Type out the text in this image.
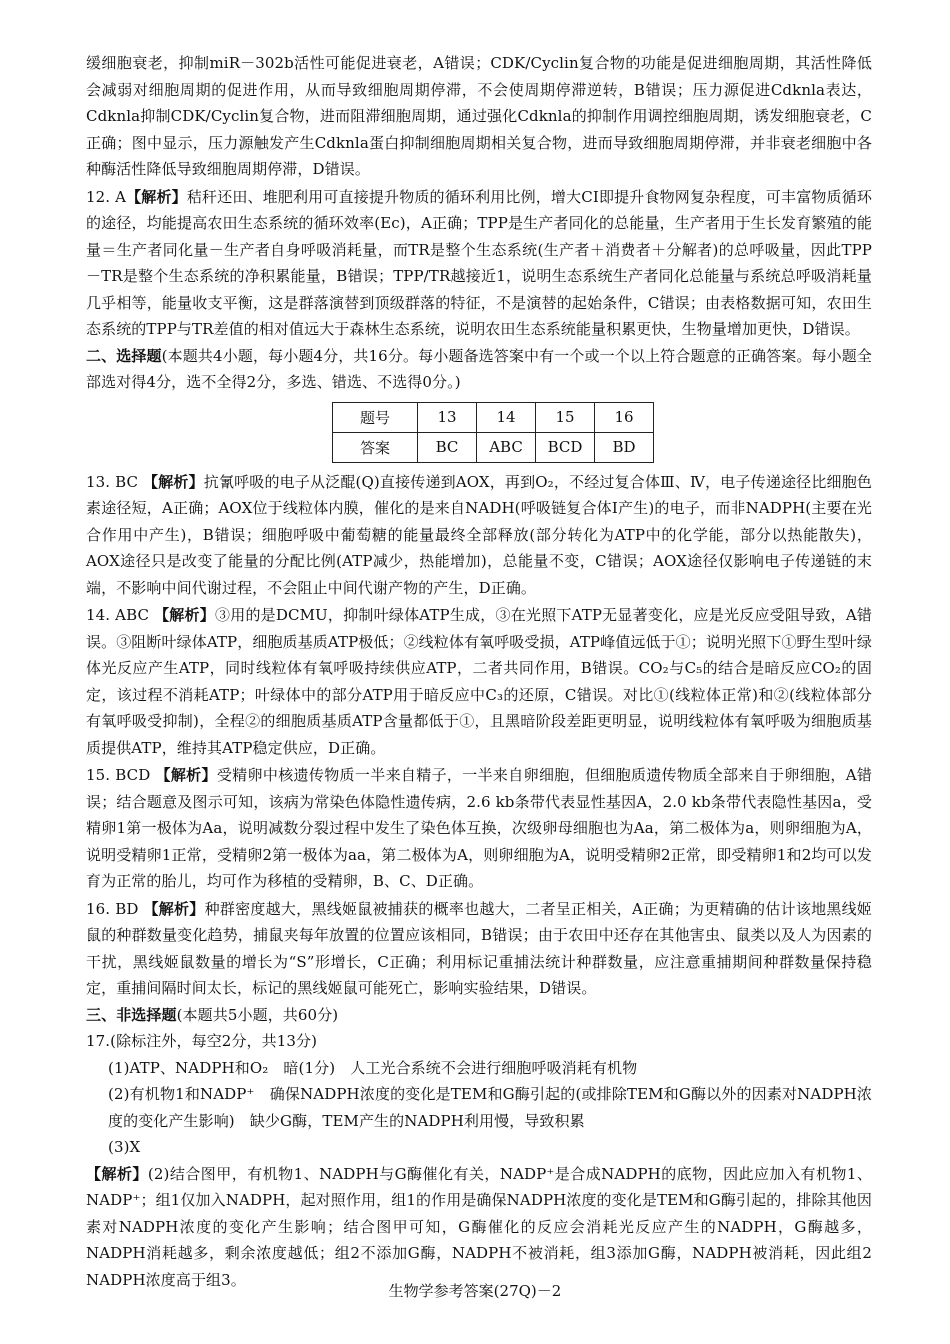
缓细胞衰老，抑制miR－302b活性可能促进衰老，A错误；CDK/Cyclin复合物的功能是促进细胞周期，其活性降低会减弱对细胞周期的促进作用，从而导致细胞周期停滞，不会使周期停滞逆转，B错误；压力源促进Cdknla表达，Cdknla抑制CDK/Cyclin复合物，进而阻滞细胞周期，通过强化Cdknla的抑制作用调控细胞周期，诱发细胞衰老，C正确；图中显示，压力源触发产生Cdknla蛋白抑制细胞周期相关复合物，进而导致细胞周期停滞，并非衰老细胞中各种酶活性降低导致细胞周期停滞，D错误。

12. A【解析】秸秆还田、堆肥利用可直接提升物质的循环利用比例，增大CI即提升食物网复杂程度，可丰富物质循环的途径，均能提高农田生态系统的循环效率(Ec)，A正确；TPP是生产者同化的总能量，生产者用于生长发育繁殖的能量＝生产者同化量－生产者自身呼吸消耗量，而TR是整个生态系统(生产者＋消费者＋分解者)的总呼吸量，因此TPP－TR是整个生态系统的净积累能量，B错误；TPP/TR越接近1，说明生态系统生产者同化总能量与系统总呼吸消耗量几乎相等，能量收支平衡，这是群落演替到顶级群落的特征，不是演替的起始条件，C错误；由表格数据可知，农田生态系统的TPP与TR差值的相对值远大于森林生态系统，说明农田生态系统能量积累更快，生物量增加更快，D错误。

二、选择题(本题共4小题，每小题4分，共16分。每小题备选答案中有一个或一个以上符合题意的正确答案。每小题全部选对得4分，选不全得2分，多选、错选、不选得0分。)

题号	13	14	15	16
答案	BC	ABC	BCD	BD

13. BC 【解析】抗氰呼吸的电子从泛醌(Q)直接传递到AOX，再到O₂，不经过复合体Ⅲ、Ⅳ，电子传递途径比细胞色素途径短，A正确；AOX位于线粒体内膜，催化的是来自NADH(呼吸链复合体Ⅰ产生)的电子，而非NADPH(主要在光合作用中产生)，B错误；细胞呼吸中葡萄糖的能量最终全部释放(部分转化为ATP中的化学能，部分以热能散失)，AOX途径只是改变了能量的分配比例(ATP减少，热能增加)，总能量不变，C错误；AOX途径仅影响电子传递链的末端，不影响中间代谢过程，不会阻止中间代谢产物的产生，D正确。

14. ABC 【解析】③用的是DCMU，抑制叶绿体ATP生成，③在光照下ATP无显著变化，应是光反应受阻导致，A错误。③阻断叶绿体ATP，细胞质基质ATP极低；②线粒体有氧呼吸受损，ATP峰值远低于①；说明光照下①野生型叶绿体光反应产生ATP，同时线粒体有氧呼吸持续供应ATP，二者共同作用，B错误。CO₂与C₅的结合是暗反应CO₂的固定，该过程不消耗ATP；叶绿体中的部分ATP用于暗反应中C₃的还原，C错误。对比①(线粒体正常)和②(线粒体部分有氧呼吸受抑制)，全程②的细胞质基质ATP含量都低于①，且黑暗阶段差距更明显，说明线粒体有氧呼吸为细胞质基质提供ATP，维持其ATP稳定供应，D正确。

15. BCD 【解析】受精卵中核遗传物质一半来自精子，一半来自卵细胞，但细胞质遗传物质全部来自于卵细胞，A错误；结合题意及图示可知，该病为常染色体隐性遗传病，2.6 kb条带代表显性基因A，2.0 kb条带代表隐性基因a，受精卵1第一极体为Aa，说明减数分裂过程中发生了染色体互换，次级卵母细胞也为Aa，第二极体为a，则卵细胞为A，说明受精卵1正常，受精卵2第一极体为aa，第二极体为A，则卵细胞为A，说明受精卵2正常，即受精卵1和2均可以发育为正常的胎儿，均可作为移植的受精卵，B、C、D正确。

16. BD 【解析】种群密度越大，黑线姬鼠被捕获的概率也越大，二者呈正相关，A正确；为更精确的估计该地黑线姬鼠的种群数量变化趋势，捕鼠夹每年放置的位置应该相同，B错误；由于农田中还存在其他害虫、鼠类以及人为因素的干扰，黑线姬鼠数量的增长为“S”形增长，C正确；利用标记重捕法统计种群数量，应注意重捕期间种群数量保持稳定，重捕间隔时间太长，标记的黑线姬鼠可能死亡，影响实验结果，D错误。

三、非选择题(本题共5小题，共60分)

17.(除标注外，每空2分，共13分)

(1)ATP、NADPH和O₂　暗(1分)　人工光合系统不会进行细胞呼吸消耗有机物

(2)有机物1和NADP⁺　确保NADPH浓度的变化是TEM和G酶引起的(或排除TEM和G酶以外的因素对NADPH浓度的变化产生影响)　缺少G酶，TEM产生的NADPH利用慢，导致积累

(3)X

【解析】(2)结合图甲，有机物1、NADPH与G酶催化有关，NADP⁺是合成NADPH的底物，因此应加入有机物1、NADP⁺；组1仅加入NADPH，起对照作用，组1的作用是确保NADPH浓度的变化是TEM和G酶引起的，排除其他因素对NADPH浓度的变化产生影响；结合图甲可知，G酶催化的反应会消耗光反应产生的NADPH，G酶越多，NADPH消耗越多，剩余浓度越低；组2不添加G酶，NADPH不被消耗，组3添加G酶，NADPH被消耗，因此组2 NADPH浓度高于组3。

生物学参考答案(27Q)－2
